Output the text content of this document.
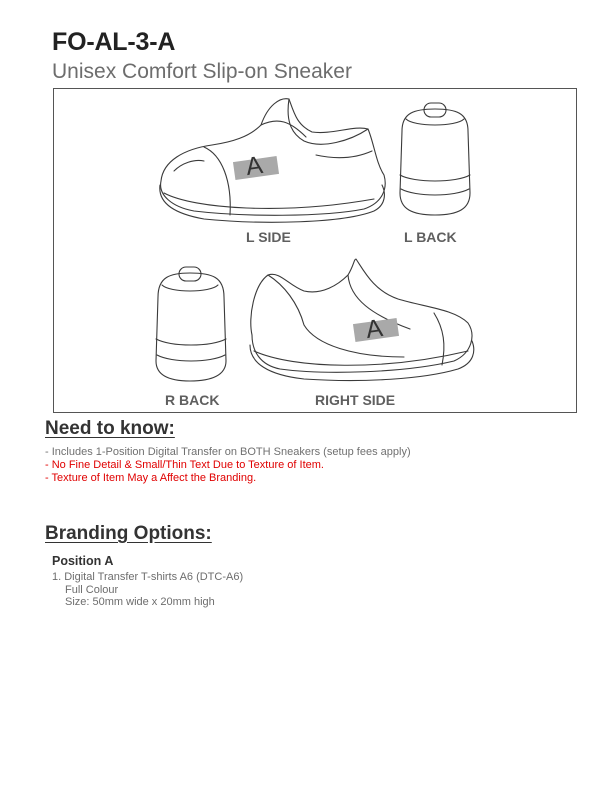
FO-AL-3-A
Unisex Comfort Slip-on Sneaker
A
A
L SIDE	L BACK
R BACK	RIGHT SIDE
Need to know:
- Includes 1-Position Digital Transfer on BOTH Sneakers (setup fees apply)
- No Fine Detail & Small/Thin Text Due to Texture of Item.
- Texture of Item May a Affect the Branding.
Branding Options:
Position A
1. Digital Transfer T-shirts A6 (DTC-A6)
Full Colour
Size: 50mm wide x 20mm high
